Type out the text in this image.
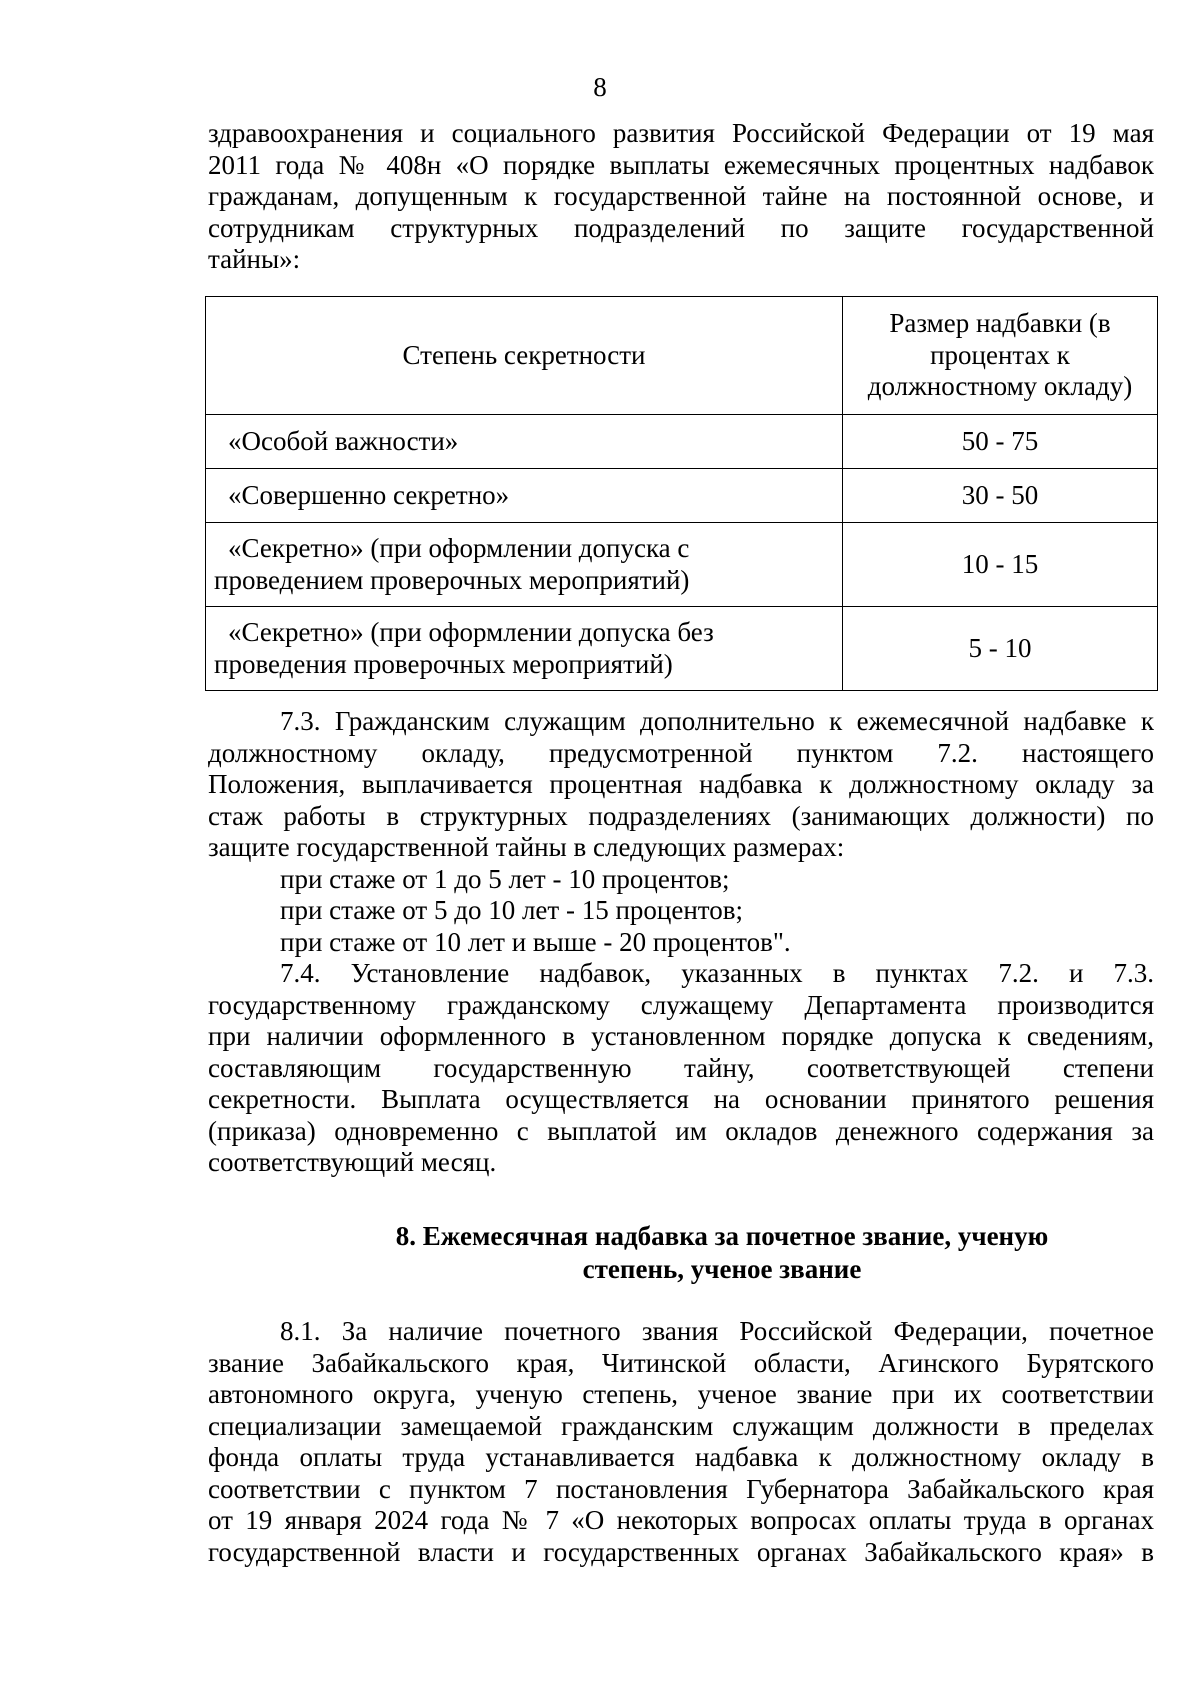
8
здравоохранения и социального развития Российской Федерации от 19 мая
2011 года № 408н «О порядке выплаты ежемесячных процентных надбавок
гражданам, допущенным к государственной тайне на постоянной основе, и
сотрудникам структурных подразделений по защите государственной
тайны»:
Степень секретности	Размер надбавки (в
процентах к
должностному окладу)

«Особой важности»	50 - 75

«Совершенно секретно»	30 - 50

«Секретно» (при оформлении допуска с
проведением проверочных мероприятий)	10 - 15

«Секретно» (при оформлении допуска без
проведения проверочных мероприятий)	5 - 10
7.3. Гражданским служащим дополнительно к ежемесячной надбавке к
должностному окладу, предусмотренной пунктом 7.2. настоящего
Положения, выплачивается процентная надбавка к должностному окладу за
стаж работы в структурных подразделениях (занимающих должности) по
защите государственной тайны в следующих размерах:
при стаже от 1 до 5 лет - 10 процентов;
при стаже от 5 до 10 лет - 15 процентов;
при стаже от 10 лет и выше - 20 процентов".
7.4. Установление надбавок, указанных в пунктах 7.2. и 7.3.
государственному гражданскому служащему Департамента производится
при наличии оформленного в установленном порядке допуска к сведениям,
составляющим государственную тайну, соответствующей степени
секретности. Выплата осуществляется на основании принятого решения
(приказа) одновременно с выплатой им окладов денежного содержания за
соответствующий месяц.
8. Ежемесячная надбавка за почетное звание, ученую
степень, ученое звание
8.1. За наличие почетного звания Российской Федерации, почетное
звание Забайкальского края, Читинской области, Агинского Бурятского
автономного округа, ученую степень, ученое звание при их соответствии
специализации замещаемой гражданским служащим должности в пределах
фонда оплаты труда устанавливается надбавка к должностному окладу в
соответствии с пунктом 7 постановления Губернатора Забайкальского края
от 19 января 2024 года № 7 «О некоторых вопросах оплаты труда в органах
государственной власти и государственных органах Забайкальского края» в
